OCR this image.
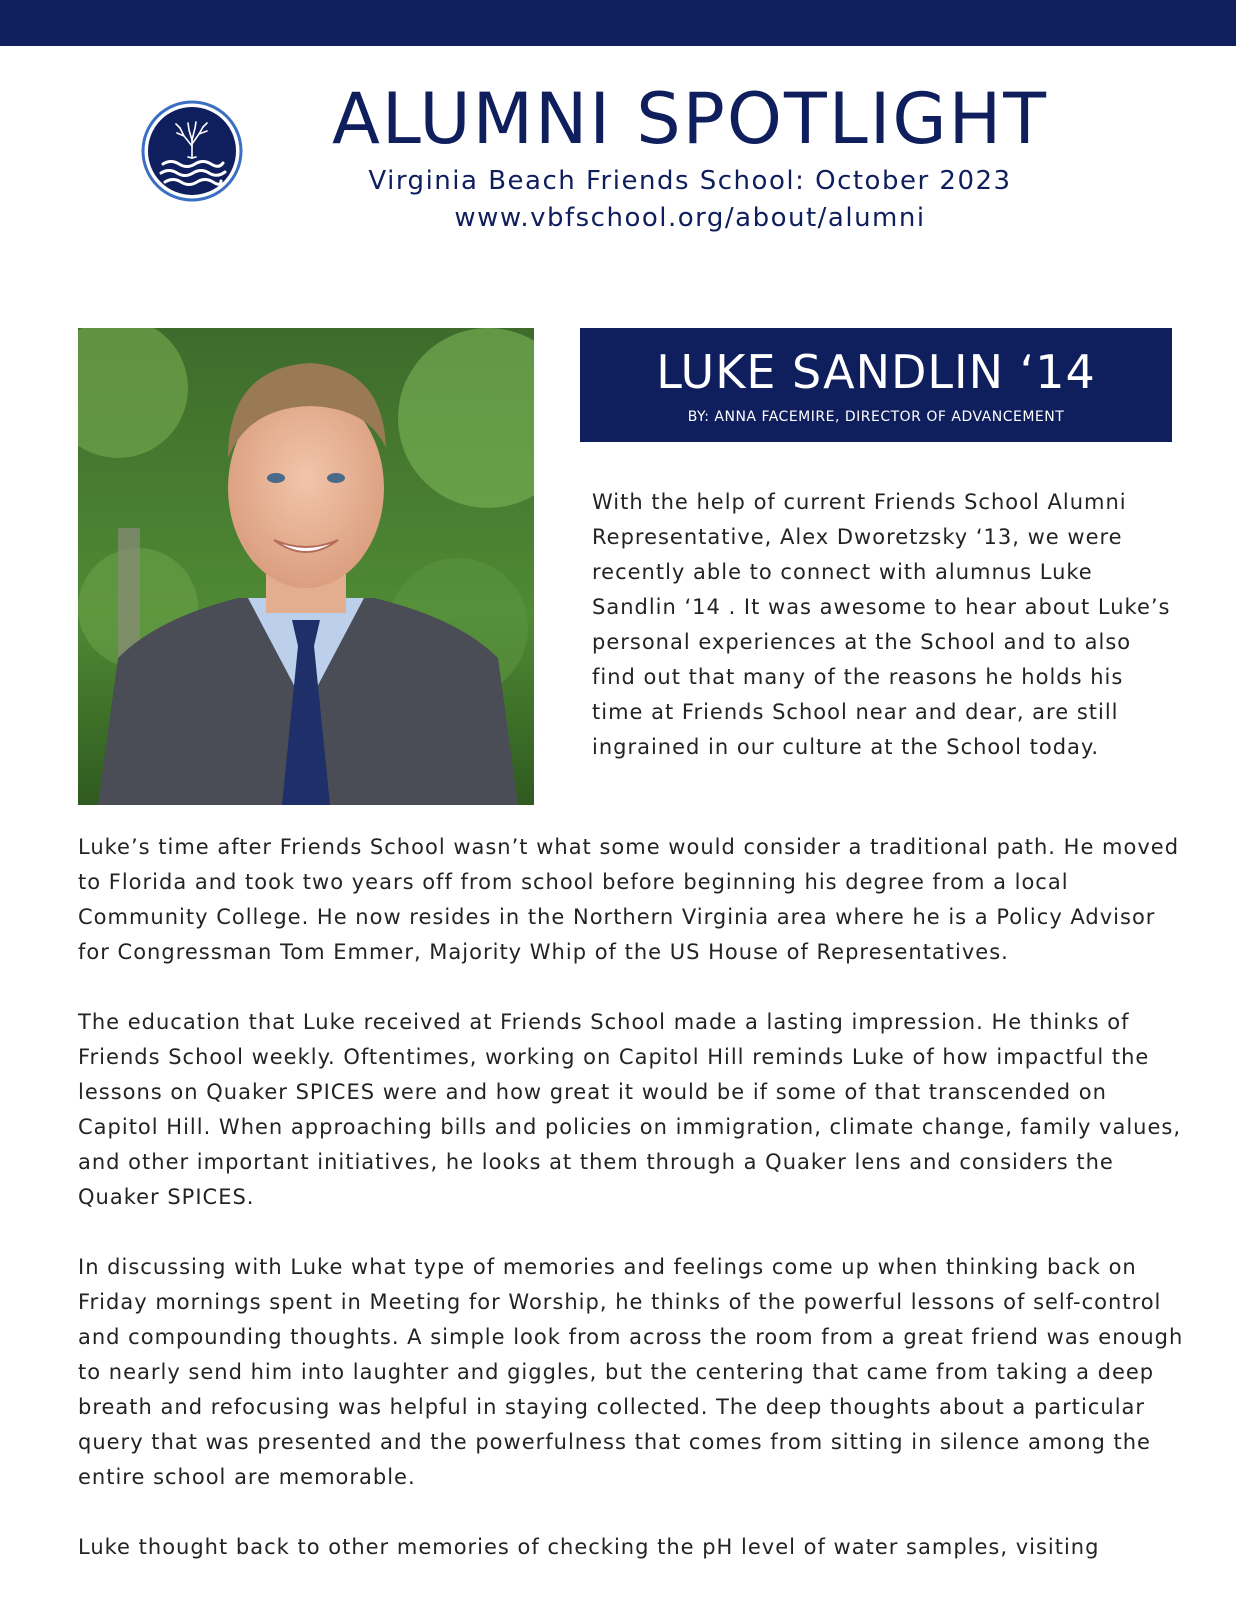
ALUMNI SPOTLIGHT
Virginia Beach Friends School: October 2023
www.vbfschool.org/about/alumni
LUKE SANDLIN ‘14
BY: ANNA FACEMIRE, DIRECTOR OF ADVANCEMENT

With the help of current Friends School Alumni Representative, Alex Dworetzsky ‘13, we were recently able to connect with alumnus Luke Sandlin ‘14 . It was awesome to hear about Luke’s personal experiences at the School and to also find out that many of the reasons he holds his time at Friends School near and dear, are still ingrained in our culture at the School today.

Luke’s time after Friends School wasn’t what some would consider a traditional path. He moved to Florida and took two years off from school before beginning his degree from a local Community College. He now resides in the Northern Virginia area where he is a Policy Advisor for Congressman Tom Emmer, Majority Whip of the US House of Representatives.

The education that Luke received at Friends School made a lasting impression. He thinks of Friends School weekly. Oftentimes, working on Capitol Hill reminds Luke of how impactful the lessons on Quaker SPICES were and how great it would be if some of that transcended on Capitol Hill. When approaching bills and policies on immigration, climate change, family values, and other important initiatives, he looks at them through a Quaker lens and considers the Quaker SPICES.

In discussing with Luke what type of memories and feelings come up when thinking back on Friday mornings spent in Meeting for Worship, he thinks of the powerful lessons of self-control and compounding thoughts. A simple look from across the room from a great friend was enough to nearly send him into laughter and giggles, but the centering that came from taking a deep breath and refocusing was helpful in staying collected. The deep thoughts about a particular query that was presented and the powerfulness that comes from sitting in silence among the entire school are memorable.

Luke thought back to other memories of checking the pH level of water samples, visiting
